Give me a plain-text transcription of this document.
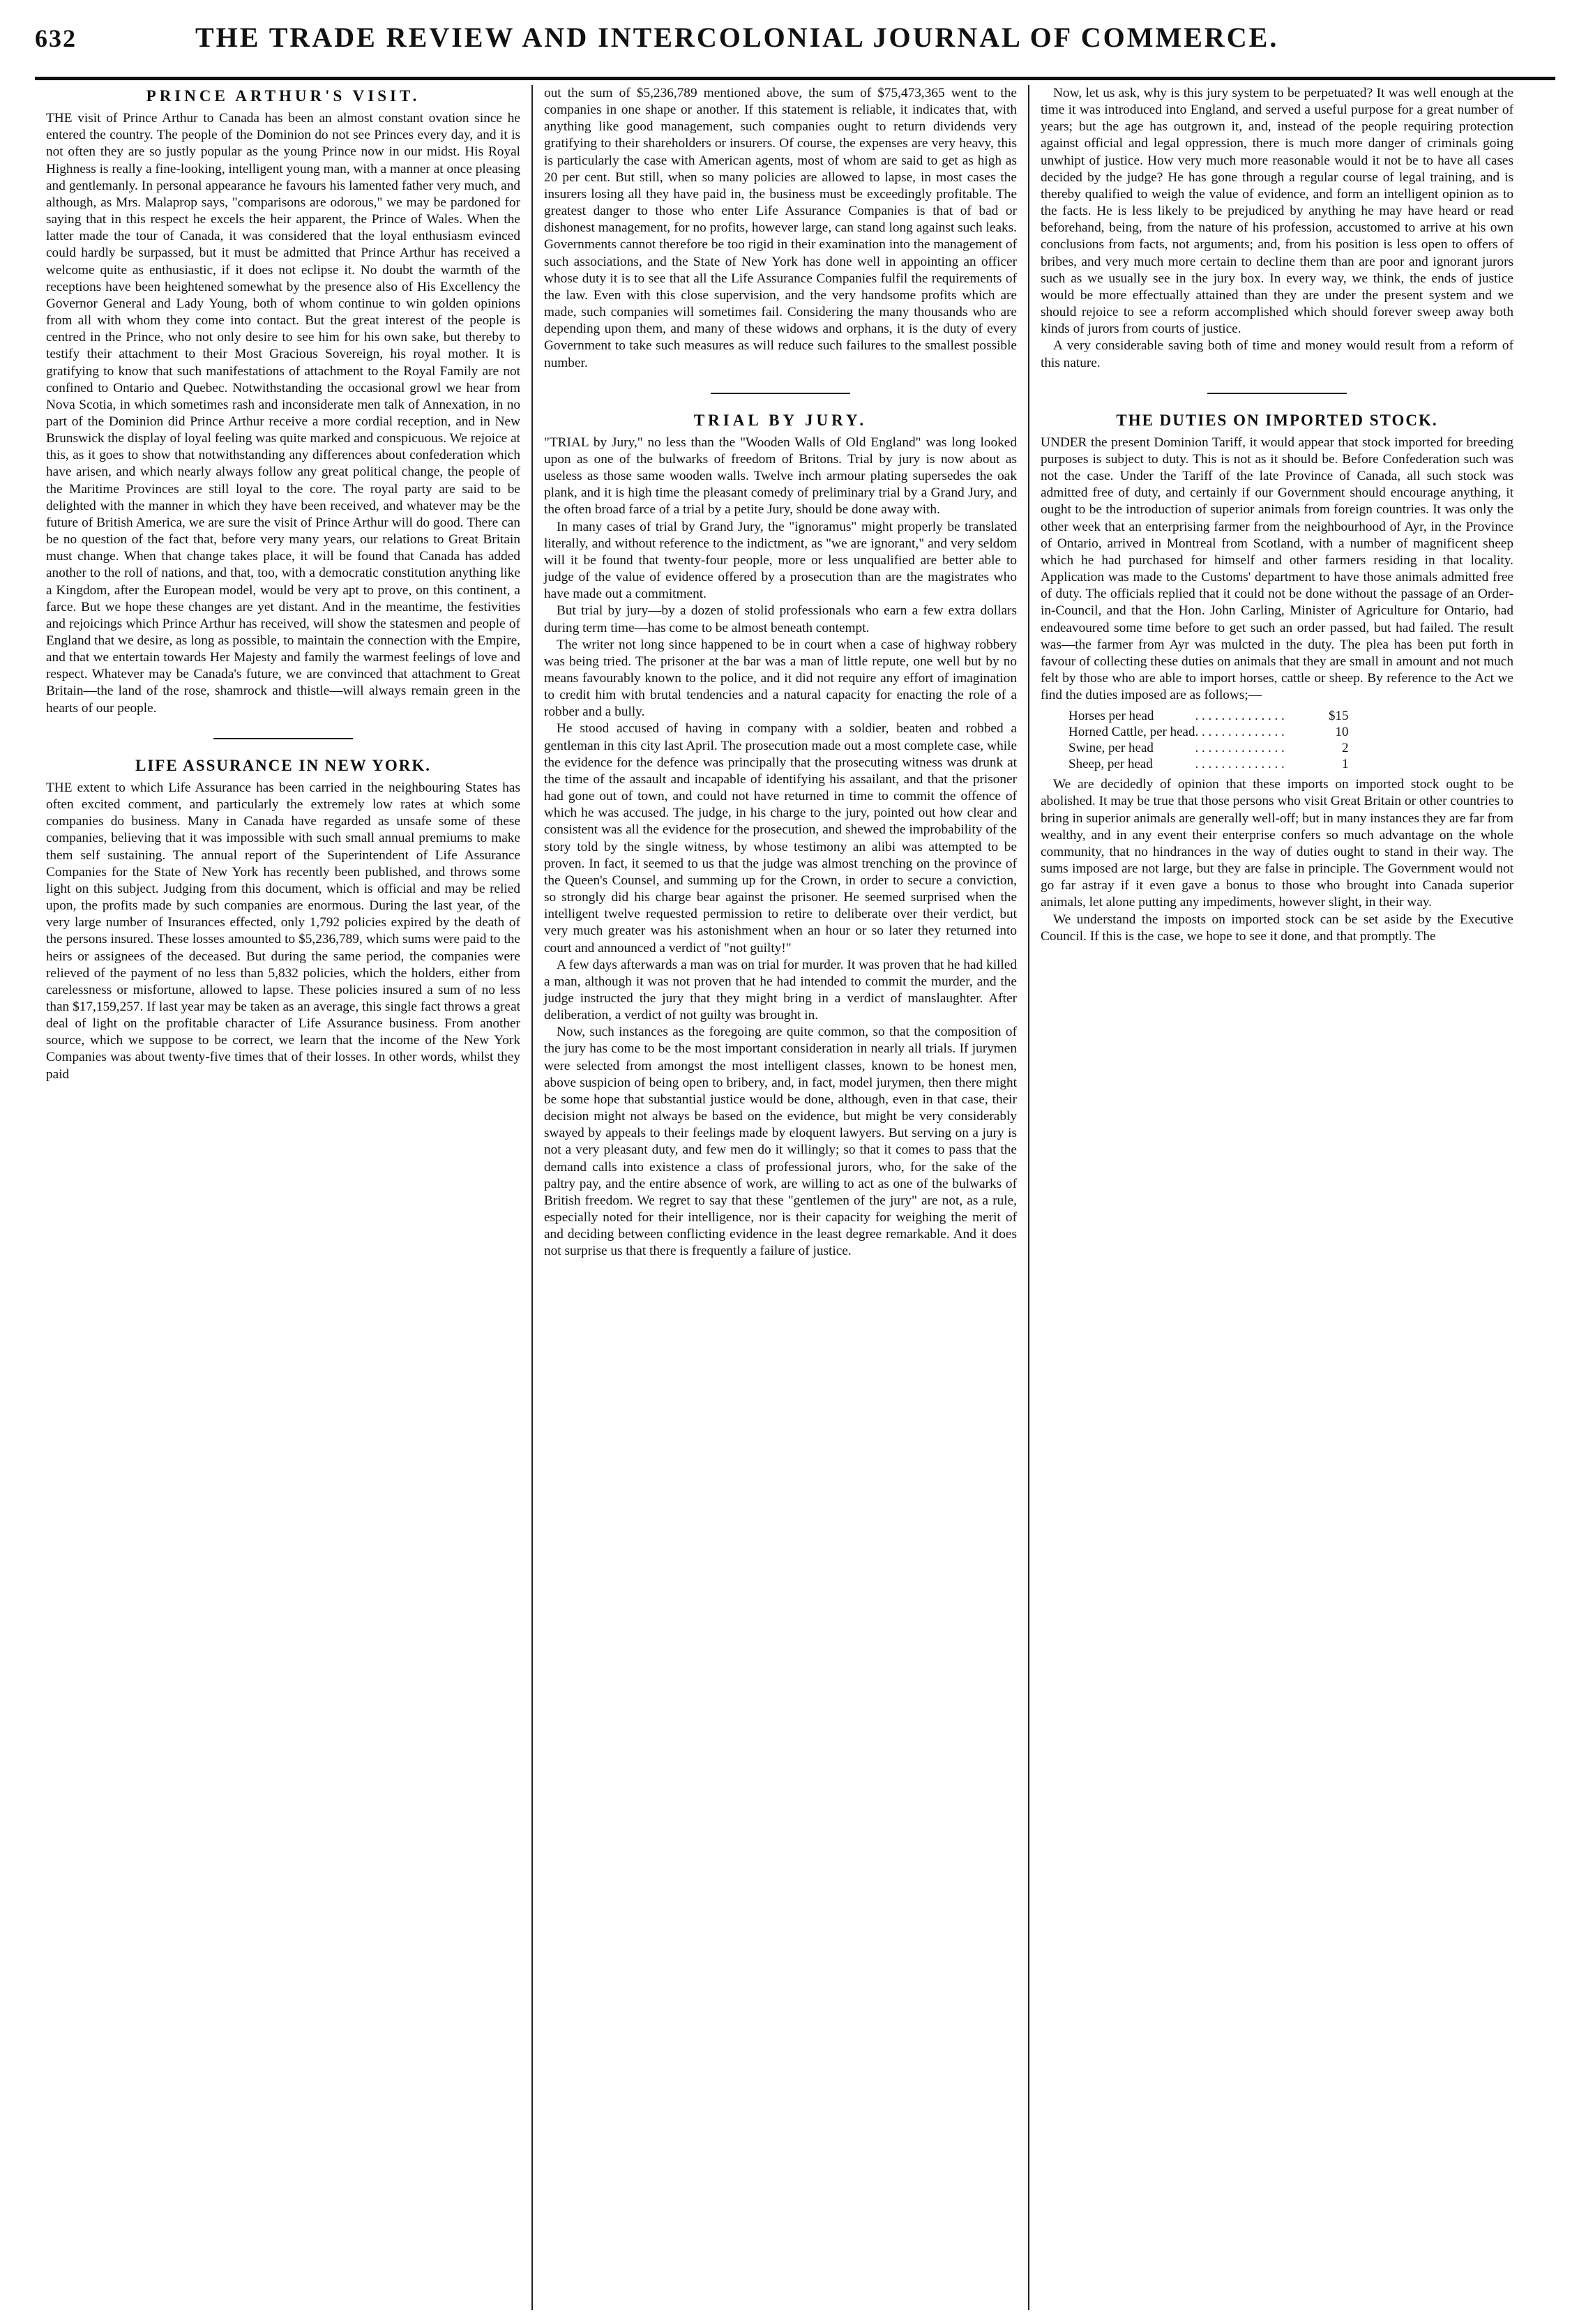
632	THE TRADE REVIEW AND INTERCOLONIAL JOURNAL OF COMMERCE.
PRINCE ARTHUR'S VISIT.

THE visit of Prince Arthur to Canada has been an almost constant ovation since he entered the country. The people of the Dominion do not see Princes every day, and it is not often they are so justly popular as the young Prince now in our midst. His Royal Highness is really a fine-looking, intelligent young man, with a manner at once pleasing and gentlemanly. In personal appearance he favours his lamented father very much, and although, as Mrs. Malaprop says, "comparisons are odorous," we may be pardoned for saying that in this respect he excels the heir apparent, the Prince of Wales. When the latter made the tour of Canada, it was considered that the loyal enthusiasm evinced could hardly be surpassed, but it must be admitted that Prince Arthur has received a welcome quite as enthusiastic, if it does not eclipse it. No doubt the warmth of the receptions have been heightened somewhat by the presence also of His Excellency the Governor General and Lady Young, both of whom continue to win golden opinions from all with whom they come into contact. But the great interest of the people is centred in the Prince, who not only desire to see him for his own sake, but thereby to testify their attachment to their Most Gracious Sovereign, his royal mother. It is gratifying to know that such manifestations of attachment to the Royal Family are not confined to Ontario and Quebec. Notwithstanding the occasional growl we hear from Nova Scotia, in which sometimes rash and inconsiderate men talk of Annexation, in no part of the Dominion did Prince Arthur receive a more cordial reception, and in New Brunswick the display of loyal feeling was quite marked and conspicuous. We rejoice at this, as it goes to show that notwithstanding any differences about confederation which have arisen, and which nearly always follow any great political change, the people of the Maritime Provinces are still loyal to the core. The royal party are said to be delighted with the manner in which they have been received, and whatever may be the future of British America, we are sure the visit of Prince Arthur will do good. There can be no question of the fact that, before very many years, our relations to Great Britain must change. When that change takes place, it will be found that Canada has added another to the roll of nations, and that, too, with a democratic constitution anything like a Kingdom, after the European model, would be very apt to prove, on this continent, a farce. But we hope these changes are yet distant. And in the meantime, the festivities and rejoicings which Prince Arthur has received, will show the statesmen and people of England that we desire, as long as possible, to maintain the connection with the Empire, and that we entertain towards Her Majesty and family the warmest feelings of love and respect. Whatever may be Canada's future, we are convinced that attachment to Great Britain—the land of the rose, shamrock and thistle—will always remain green in the hearts of our people.

LIFE ASSURANCE IN NEW YORK.

THE extent to which Life Assurance has been carried in the neighbouring States has often excited comment, and particularly the extremely low rates at which some companies do business. Many in Canada have regarded as unsafe some of these companies, believing that it was impossible with such small annual premiums to make them self sustaining. The annual report of the Superintendent of Life Assurance Companies for the State of New York has recently been published, and throws some light on this subject. Judging from this document, which is official and may be relied upon, the profits made by such companies are enormous. During the last year, of the very large number of Insurances effected, only 1,792 policies expired by the death of the persons insured. These losses amounted to $5,236,789, which sums were paid to the heirs or assignees of the deceased. But during the same period, the companies were relieved of the payment of no less than 5,832 policies, which the holders, either from carelessness or misfortune, allowed to lapse. These policies insured a sum of no less than $17,159,257. If last year may be taken as an average, this single fact throws a great deal of light on the profitable character of Life Assurance business. From another source, which we suppose to be correct, we learn that the income of the New York Companies was about twenty-five times that of their losses. In other words, whilst they paid

out the sum of $5,236,789 mentioned above, the sum of $75,473,365 went to the companies in one shape or another. If this statement is reliable, it indicates that, with anything like good management, such companies ought to return dividends very gratifying to their shareholders or insurers. Of course, the expenses are very heavy, this is particularly the case with American agents, most of whom are said to get as high as 20 per cent. But still, when so many policies are allowed to lapse, in most cases the insurers losing all they have paid in, the business must be exceedingly profitable. The greatest danger to those who enter Life Assurance Companies is that of bad or dishonest management, for no profits, however large, can stand long against such leaks. Governments cannot therefore be too rigid in their examination into the management of such associations, and the State of New York has done well in appointing an officer whose duty it is to see that all the Life Assurance Companies fulfil the requirements of the law. Even with this close supervision, and the very handsome profits which are made, such companies will sometimes fail. Considering the many thousands who are depending upon them, and many of these widows and orphans, it is the duty of every Government to take such measures as will reduce such failures to the smallest possible number.

TRIAL BY JURY.

"TRIAL by Jury," no less than the "Wooden Walls of Old England" was long looked upon as one of the bulwarks of freedom of Britons. Trial by jury is now about as useless as those same wooden walls. Twelve inch armour plating supersedes the oak plank, and it is high time the pleasant comedy of preliminary trial by a Grand Jury, and the often broad farce of a trial by a petite Jury, should be done away with.

In many cases of trial by Grand Jury, the "ignoramus" might properly be translated literally, and without reference to the indictment, as "we are ignorant," and very seldom will it be found that twenty-four people, more or less unqualified are better able to judge of the value of evidence offered by a prosecution than are the magistrates who have made out a commitment.

But trial by jury—by a dozen of stolid professionals who earn a few extra dollars during term time—has come to be almost beneath contempt.

The writer not long since happened to be in court when a case of highway robbery was being tried. The prisoner at the bar was a man of little repute, one well but by no means favourably known to the police, and it did not require any effort of imagination to credit him with brutal tendencies and a natural capacity for enacting the role of a robber and a bully.

He stood accused of having in company with a soldier, beaten and robbed a gentleman in this city last April. The prosecution made out a most complete case, while the evidence for the defence was principally that the prosecuting witness was drunk at the time of the assault and incapable of identifying his assailant, and that the prisoner had gone out of town, and could not have returned in time to commit the offence of which he was accused. The judge, in his charge to the jury, pointed out how clear and consistent was all the evidence for the prosecution, and shewed the improbability of the story told by the single witness, by whose testimony an alibi was attempted to be proven. In fact, it seemed to us that the judge was almost trenching on the province of the Queen's Counsel, and summing up for the Crown, in order to secure a conviction, so strongly did his charge bear against the prisoner. He seemed surprised when the intelligent twelve requested permission to retire to deliberate over their verdict, but very much greater was his astonishment when an hour or so later they returned into court and announced a verdict of "not guilty!"

A few days afterwards a man was on trial for murder. It was proven that he had killed a man, although it was not proven that he had intended to commit the murder, and the judge instructed the jury that they might bring in a verdict of manslaughter. After deliberation, a verdict of not guilty was brought in.

Now, such instances as the foregoing are quite common, so that the composition of the jury has come to be the most important consideration in nearly all trials. If jurymen were selected from amongst the most intelligent classes, known to be honest men, above suspicion of being open to bribery, and, in fact, model jurymen, then there might be some hope that substantial justice would be done, although, even in that case, their decision might not always be based on the evidence, but might be very considerably swayed by appeals to their feelings made by eloquent lawyers. But serving on a jury is not a very pleasant duty, and few men do it willingly; so that it comes to pass that the demand calls into existence a class of professional jurors, who, for the sake of the paltry pay, and the entire absence of work, are willing to act as one of the bulwarks of British freedom. We regret to say that these "gentlemen of the jury" are not, as a rule, especially noted for their intelligence, nor is their capacity for weighing the merit of and deciding between conflicting evidence in the least degree remarkable. And it does not surprise us that there is frequently a failure of justice.

Now, let us ask, why is this jury system to be perpetuated? It was well enough at the time it was introduced into England, and served a useful purpose for a great number of years; but the age has outgrown it, and, instead of the people requiring protection against official and legal oppression, there is much more danger of criminals going unwhipt of justice. How very much more reasonable would it not be to have all cases decided by the judge? He has gone through a regular course of legal training, and is thereby qualified to weigh the value of evidence, and form an intelligent opinion as to the facts. He is less likely to be prejudiced by anything he may have heard or read beforehand, being, from the nature of his profession, accustomed to arrive at his own conclusions from facts, not arguments; and, from his position is less open to offers of bribes, and very much more certain to decline them than are poor and ignorant jurors such as we usually see in the jury box. In every way, we think, the ends of justice would be more effectually attained than they are under the present system and we should rejoice to see a reform accomplished which should forever sweep away both kinds of jurors from courts of justice.

A very considerable saving both of time and money would result from a reform of this nature.

THE DUTIES ON IMPORTED STOCK.

UNDER the present Dominion Tariff, it would appear that stock imported for breeding purposes is subject to duty. This is not as it should be. Before Confederation such was not the case. Under the Tariff of the late Province of Canada, all such stock was admitted free of duty, and certainly if our Government should encourage anything, it ought to be the introduction of superior animals from foreign countries. It was only the other week that an enterprising farmer from the neighbourhood of Ayr, in the Province of Ontario, arrived in Montreal from Scotland, with a number of magnificent sheep which he had purchased for himself and other farmers residing in that locality. Application was made to the Customs' department to have those animals admitted free of duty. The officials replied that it could not be done without the passage of an Order-in-Council, and that the Hon. John Carling, Minister of Agriculture for Ontario, had endeavoured some time before to get such an order passed, but had failed. The result was—the farmer from Ayr was mulcted in the duty. The plea has been put forth in favour of collecting these duties on animals that they are small in amount and not much felt by those who are able to import horses, cattle or sheep. By reference to the Act we find the duties imposed are as follows;—

Horses per head	. . . . . . . . . . . . . .	$15
Horned Cattle, per head	. . . . . . . . . . . . . .	10
Swine, per head	. . . . . . . . . . . . . .	2
Sheep, per head	. . . . . . . . . . . . . .	1

We are decidedly of opinion that these imports on imported stock ought to be abolished. It may be true that those persons who visit Great Britain or other countries to bring in superior animals are generally well-off; but in many instances they are far from wealthy, and in any event their enterprise confers so much advantage on the whole community, that no hindrances in the way of duties ought to stand in their way. The sums imposed are not large, but they are false in principle. The Government would not go far astray if it even gave a bonus to those who brought into Canada superior animals, let alone putting any impediments, however slight, in their way.

We understand the imposts on imported stock can be set aside by the Executive Council. If this is the case, we hope to see it done, and that promptly. The
